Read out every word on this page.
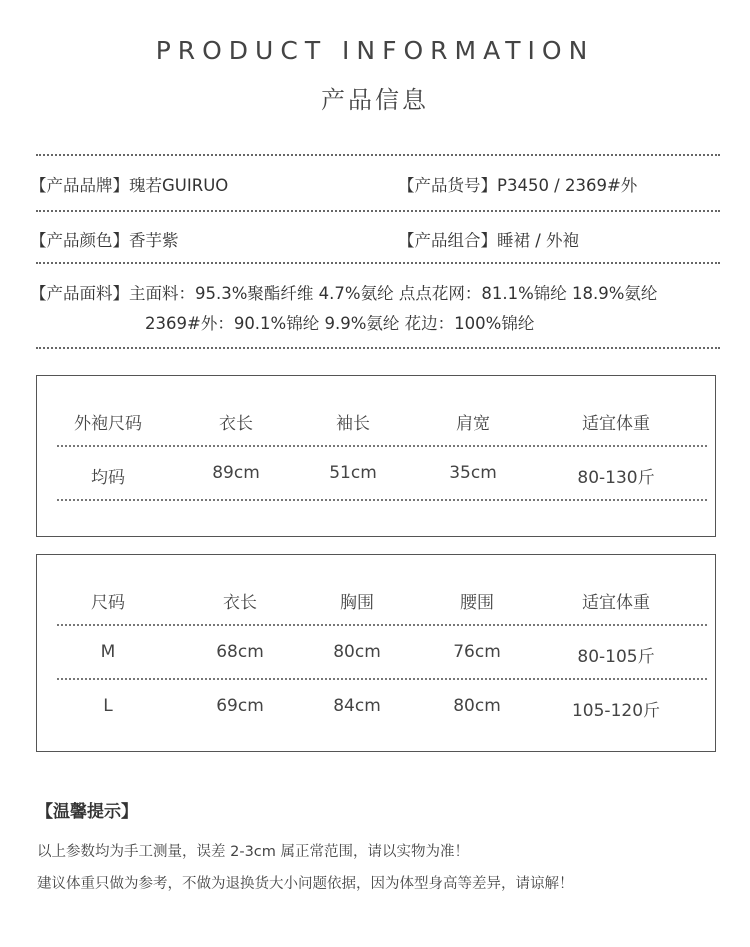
PRODUCT INFORMATION
产品信息
【产品品牌】瑰若GUIRUO	【产品货号】P3450 / 2369#外
【产品颜色】香芋紫	【产品组合】睡裙 / 外袍
【产品面料】主面料：95.3%聚酯纤维 4.7%氨纶 点点花网：81.1%锦纶 18.9%氨纶
2369#外：90.1%锦纶 9.9%氨纶 花边：100%锦纶
外袍尺码	衣长	袖长	肩宽	适宜体重
均码	89cm	51cm	35cm	80-130斤
尺码	衣长	胸围	腰围	适宜体重
M	68cm	80cm	76cm	80-105斤
L	69cm	84cm	80cm	105-120斤
【温馨提示】
以上参数均为手工测量，误差 2-3cm 属正常范围，请以实物为准！
建议体重只做为参考，不做为退换货大小问题依据，因为体型身高等差异，请谅解！
